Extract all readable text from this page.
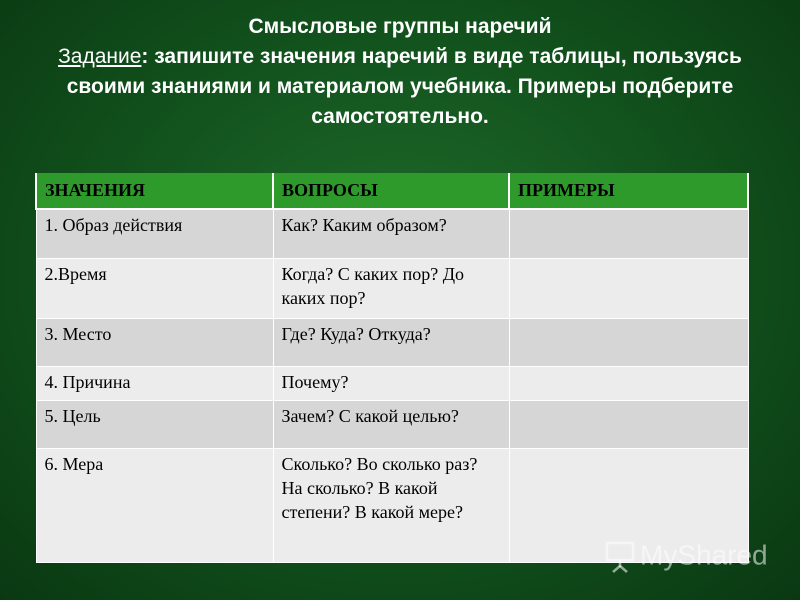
Смысловые группы наречий
Задание: запишите значения наречий в виде таблицы, пользуясь своими знаниями и материалом учебника. Примеры подберите самостоятельно.
ЗНАЧЕНИЯ	ВОПРОСЫ	ПРИМЕРЫ
1. Образ действия	Как? Каким образом?	
2.Время	Когда? С каких пор? До каких пор?	
3. Место	Где? Куда? Откуда?	
4. Причина	Почему?	
5. Цель	Зачем? С какой целью?	
6. Мера	Сколько? Во сколько раз? На сколько? В какой степени? В какой мере?	
MyShared
